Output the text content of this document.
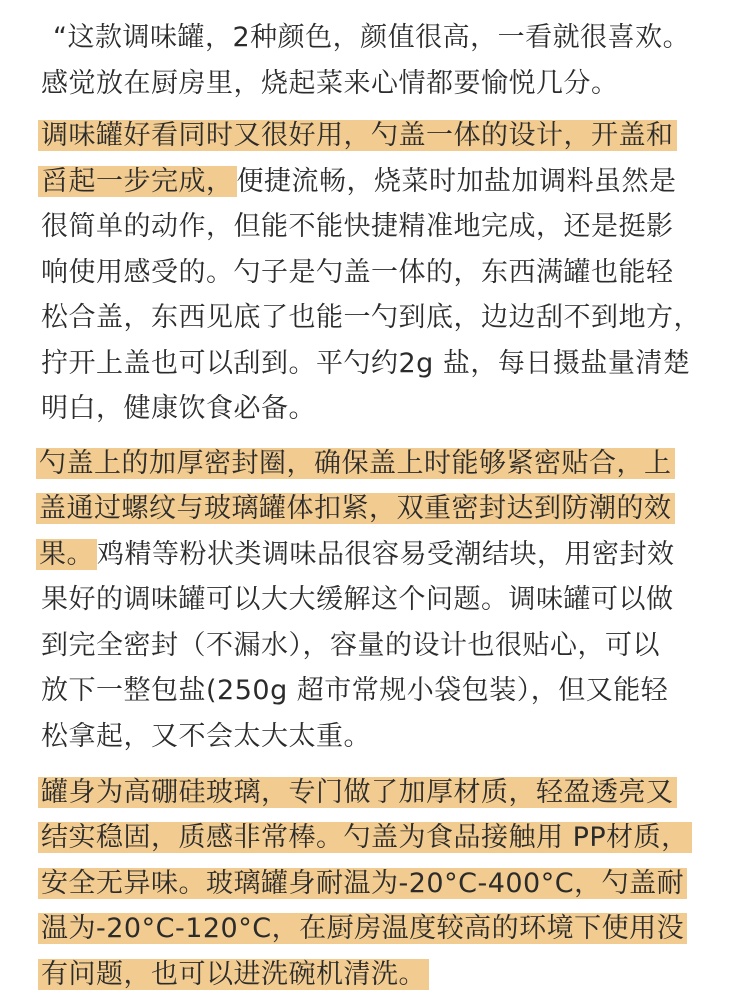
“这款调味罐，2种颜色，颜值很高，一看就很喜欢。
感觉放在厨房里，烧起菜来心情都要愉悦几分。
调味罐好看同时又很好用，勺盖一体的设计，开盖和
舀起一步完成， 便捷流畅，烧菜时加盐加调料虽然是
很简单的动作，但能不能快捷精准地完成，还是挺影
响使用感受的。勺子是勺盖一体的，东西满罐也能轻
松合盖，东西见底了也能一勺到底，边边刮不到地方，
拧开上盖也可以刮到。平勺约2g 盐，每日摄盐量清楚
明白，健康饮食必备。
勺盖上的加厚密封圈，确保盖上时能够紧密贴合，上
盖通过螺纹与玻璃罐体扣紧，双重密封达到防潮的效
果。 鸡精等粉状类调味品很容易受潮结块，用密封效
果好的调味罐可以大大缓解这个问题。调味罐可以做
到完全密封（不漏水），容量的设计也很贴心，可以
放下一整包盐(250g 超市常规小袋包装），但又能轻
松拿起，又不会太大太重。
罐身为高硼硅玻璃，专门做了加厚材质，轻盈透亮又
结实稳固，质感非常棒。勺盖为食品接触用 PP材质，
安全无异味。玻璃罐身耐温为-20°C-400°C，勺盖耐
温为-20°C-120°C，在厨房温度较高的环境下使用没
有问题，也可以进洗碗机清洗。
